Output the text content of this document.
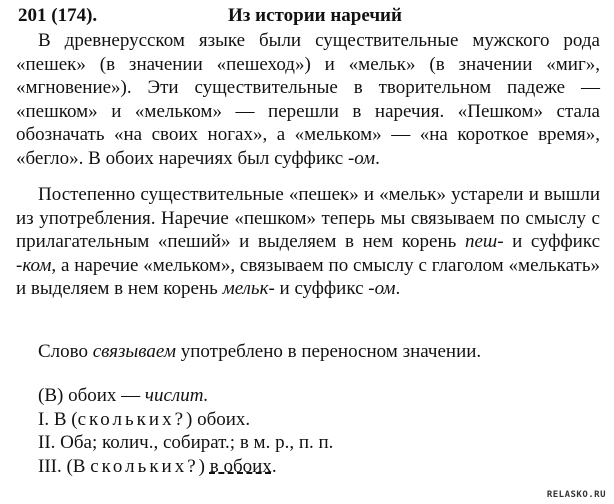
201 (174).	Из истории наречий

В древнерусском языке были существительные мужского рода «пешек» (в значении «пешеход») и «мельк» (в значении «миг», «мгновение»). Эти существительные в творительном падеже — «пешком» и «мельком» — перешли в наречия. «Пешком» стала обозначать «на своих ногах», а «мельком» — «на короткое время», «бегло». В обоих наречиях был суффикс -ом.

Постепенно существительные «пешек» и «мельк» устарели и вышли из употребления. Наречие «пешком» теперь мы связываем по смыслу с прилагательным «пеший» и выделяем в нем корень пеш- и суффикс -ком, а наречие «мельком», связываем по смыслу с глаголом «мелькать» и выделяем в нем корень мельк- и суффикс -ом.

Слово связываем употреблено в переносном значении.

(В) обоих — числит.
I. В (скольких?) обоих.
II. Оба; колич., собират.; в м. р., п. п.
III. (В скольких?) в обоих.
RELASKO.RU
